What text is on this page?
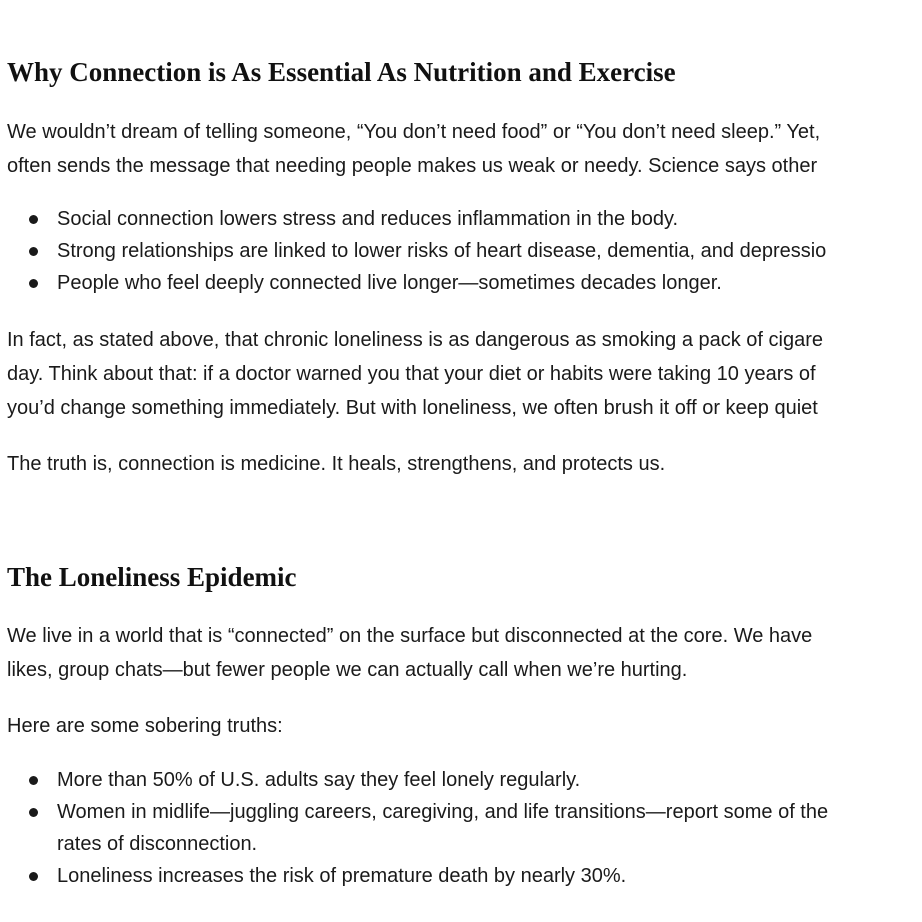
Why Connection is As Essential As Nutrition and Exercise

We wouldn’t dream of telling someone, “You don’t need food” or “You don’t need sleep.” Yet,
often sends the message that needing people makes us weak or needy. Science says other

Social connection lowers stress and reduces inflammation in the body.
Strong relationships are linked to lower risks of heart disease, dementia, and depressio
People who feel deeply connected live longer—sometimes decades longer.

In fact, as stated above, that chronic loneliness is as dangerous as smoking a pack of cigare
day. Think about that: if a doctor warned you that your diet or habits were taking 10 years of
you’d change something immediately. But with loneliness, we often brush it off or keep quiet

The truth is, connection is medicine. It heals, strengthens, and protects us.

The Loneliness Epidemic

We live in a world that is “connected” on the surface but disconnected at the core. We have
likes, group chats—but fewer people we can actually call when we’re hurting.

Here are some sobering truths:

More than 50% of U.S. adults say they feel lonely regularly.
Women in midlife—juggling careers, caregiving, and life transitions—report some of the
rates of disconnection.
Loneliness increases the risk of premature death by nearly 30%.
